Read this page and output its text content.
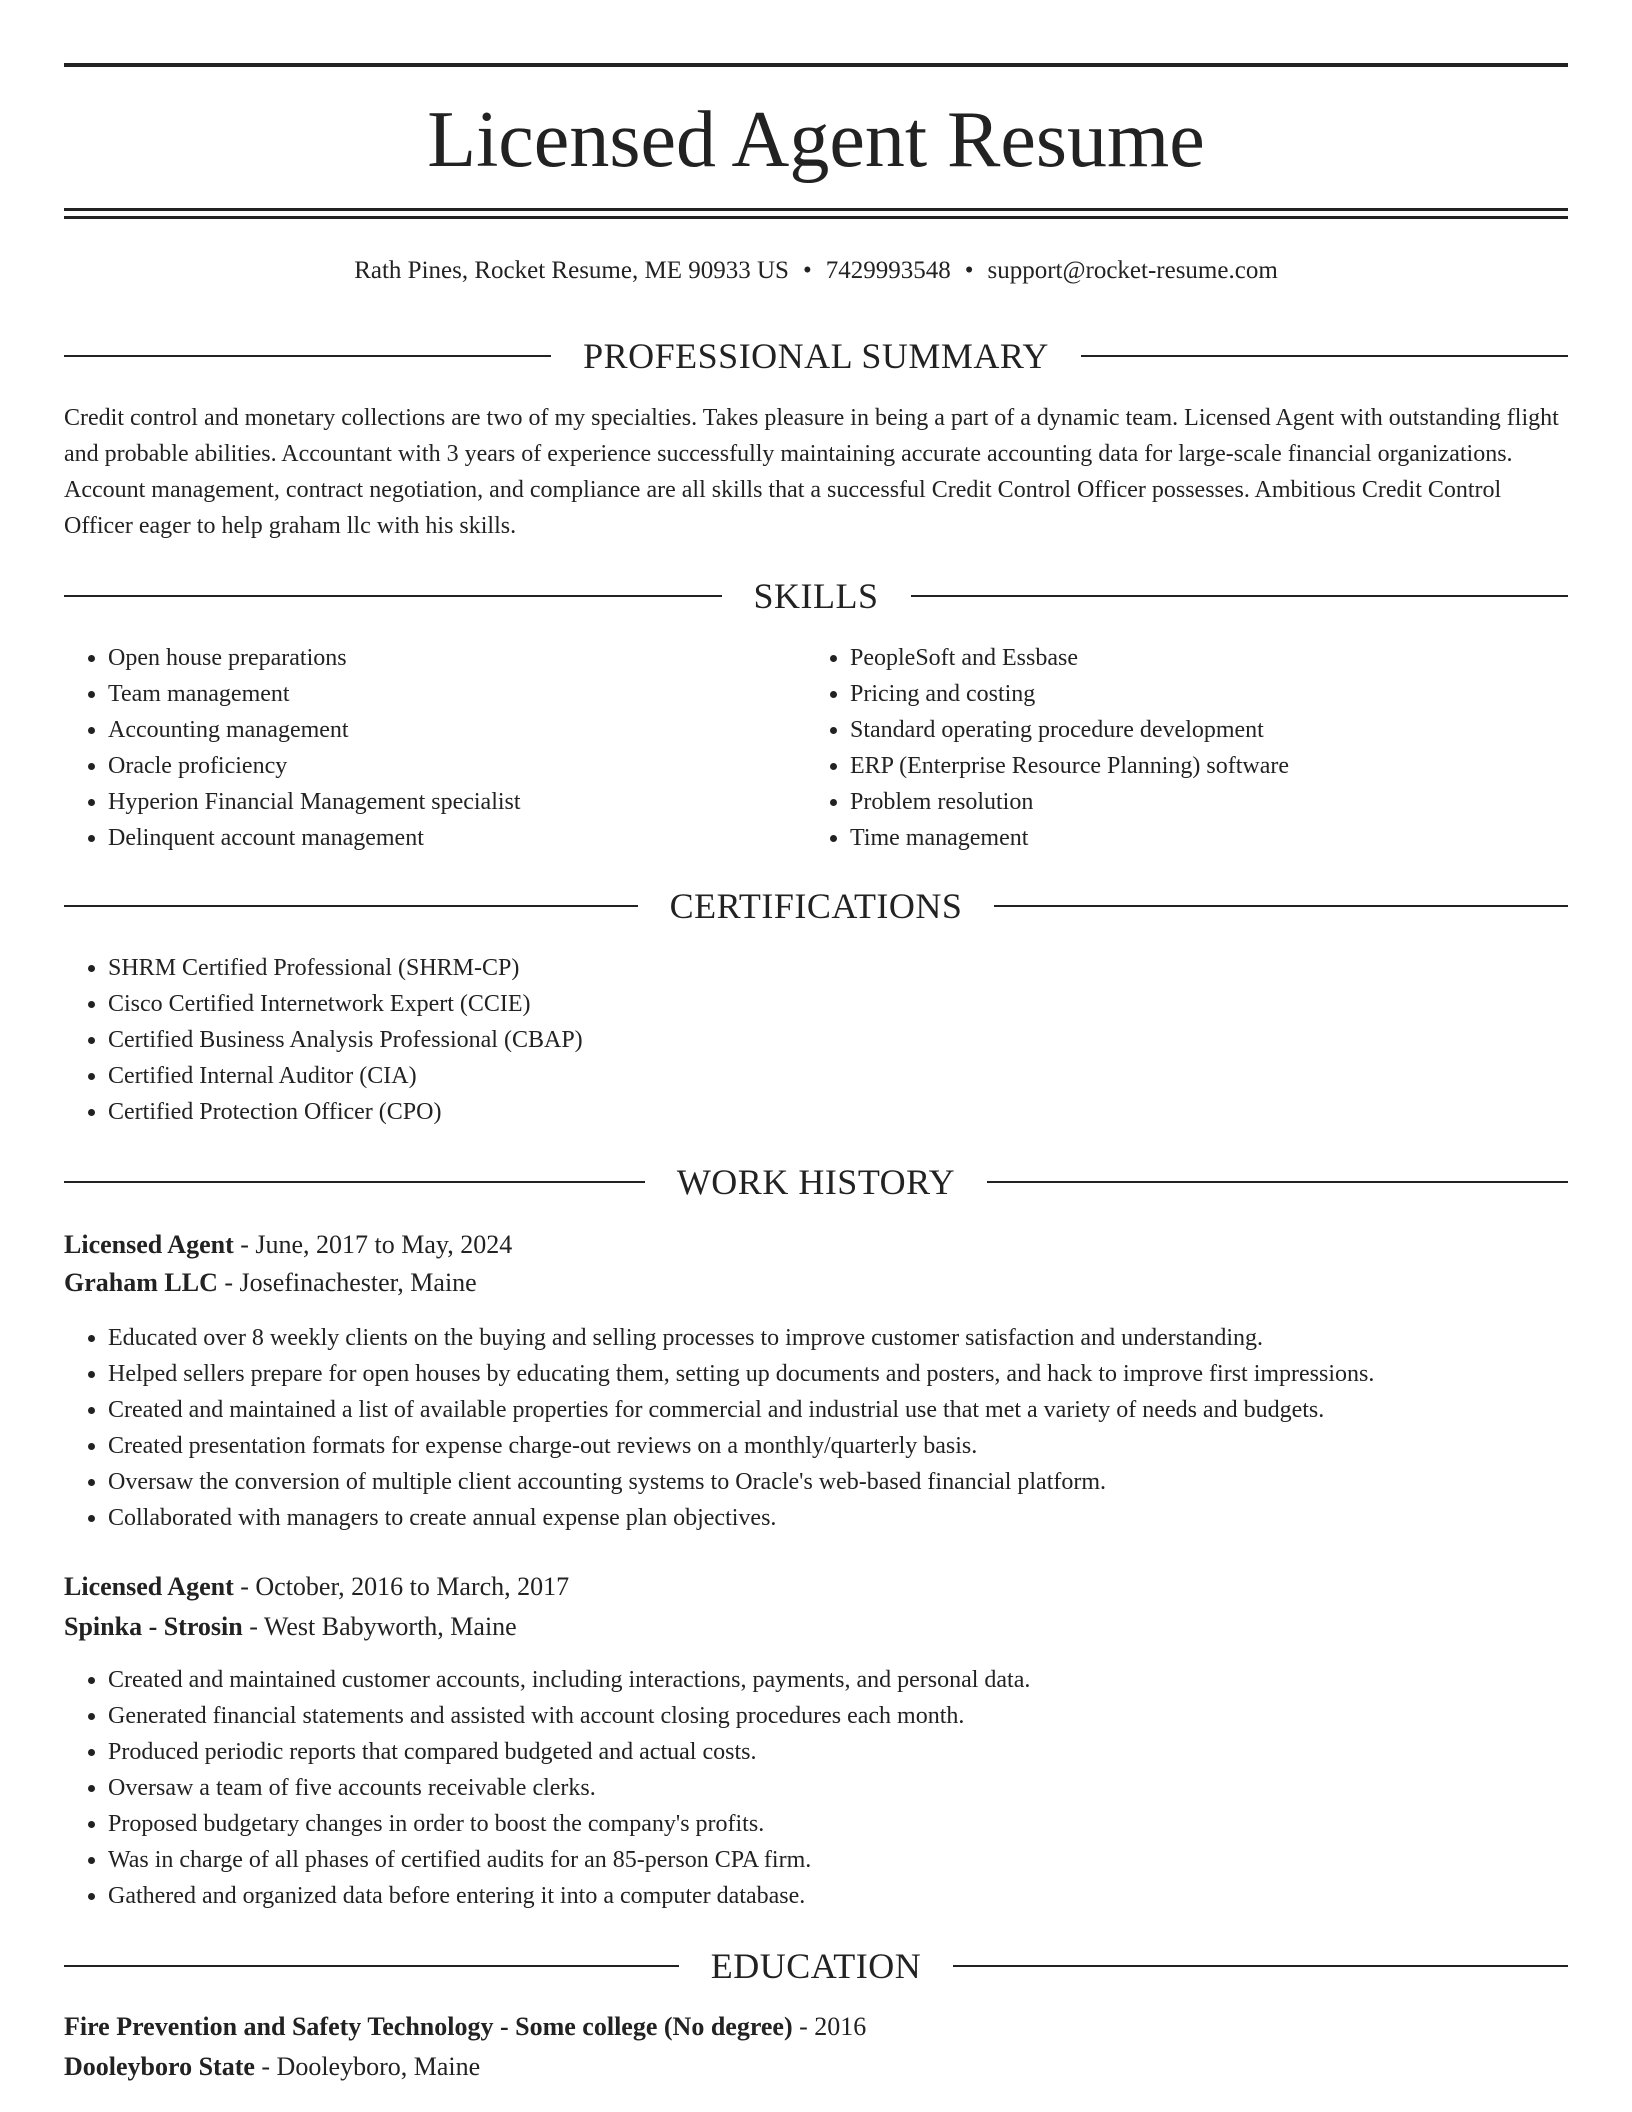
Licensed Agent Resume
Rath Pines, Rocket Resume, ME 90933 US • 7429993548 • support@rocket-resume.com
PROFESSIONAL SUMMARY

Credit control and monetary collections are two of my specialties. Takes pleasure in being a part of a dynamic team. Licensed Agent with outstanding flight and probable abilities. Accountant with 3 years of experience successfully maintaining accurate accounting data for large-scale financial organizations. Account management, contract negotiation, and compliance are all skills that a successful Credit Control Officer possesses. Ambitious Credit Control Officer eager to help graham llc with his skills.

SKILLS
• Open house preparations
• Team management
• Accounting management
• Oracle proficiency
• Hyperion Financial Management specialist
• Delinquent account management
• PeopleSoft and Essbase
• Pricing and costing
• Standard operating procedure development
• ERP (Enterprise Resource Planning) software
• Problem resolution
• Time management
CERTIFICATIONS
• SHRM Certified Professional (SHRM-CP)
• Cisco Certified Internetwork Expert (CCIE)
• Certified Business Analysis Professional (CBAP)
• Certified Internal Auditor (CIA)
• Certified Protection Officer (CPO)
WORK HISTORY
Licensed Agent - June, 2017 to May, 2024
Graham LLC - Josefinachester, Maine
• Educated over 8 weekly clients on the buying and selling processes to improve customer satisfaction and understanding.
• Helped sellers prepare for open houses by educating them, setting up documents and posters, and hack to improve first impressions.
• Created and maintained a list of available properties for commercial and industrial use that met a variety of needs and budgets.
• Created presentation formats for expense charge-out reviews on a monthly/quarterly basis.
• Oversaw the conversion of multiple client accounting systems to Oracle's web-based financial platform.
• Collaborated with managers to create annual expense plan objectives.
Licensed Agent - October, 2016 to March, 2017
Spinka - Strosin - West Babyworth, Maine
• Created and maintained customer accounts, including interactions, payments, and personal data.
• Generated financial statements and assisted with account closing procedures each month.
• Produced periodic reports that compared budgeted and actual costs.
• Oversaw a team of five accounts receivable clerks.
• Proposed budgetary changes in order to boost the company's profits.
• Was in charge of all phases of certified audits for an 85-person CPA firm.
• Gathered and organized data before entering it into a computer database.
EDUCATION
Fire Prevention and Safety Technology - Some college (No degree) - 2016
Dooleyboro State - Dooleyboro, Maine
